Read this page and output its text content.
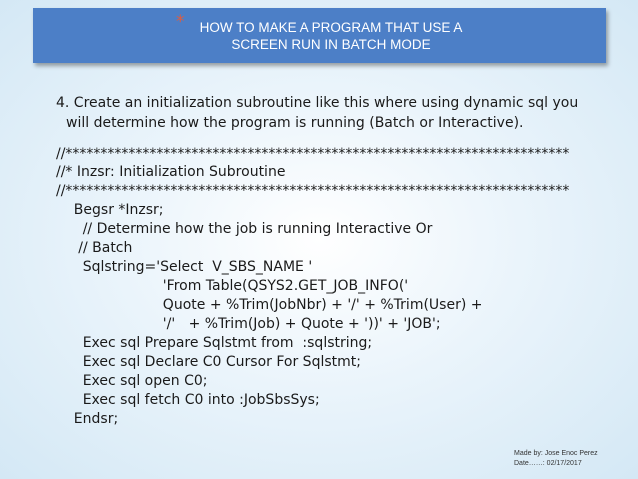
* HOW TO MAKE A PROGRAM THAT USE A
SCREEN RUN IN BATCH MODE
4. Create an initialization subroutine like this where using dynamic sql you
will determine how the program is running (Batch or Interactive).
//************************************************************************
//* Inzsr: Initialization Subroutine
//************************************************************************
Begsr *Inzsr;
// Determine how the job is running Interactive Or
// Batch
Sqlstring='Select  V_SBS_NAME '
'From Table(QSYS2.GET_JOB_INFO('
Quote + %Trim(JobNbr) + '/' + %Trim(User) +
'/'   + %Trim(Job) + Quote + '))' + 'JOB';
Exec sql Prepare Sqlstmt from  :sqlstring;
Exec sql Declare C0 Cursor For Sqlstmt;
Exec sql open C0;
Exec sql fetch C0 into :JobSbsSys;
Endsr;
Made by: Jose Enoc Perez
Date……: 02/17/2017
